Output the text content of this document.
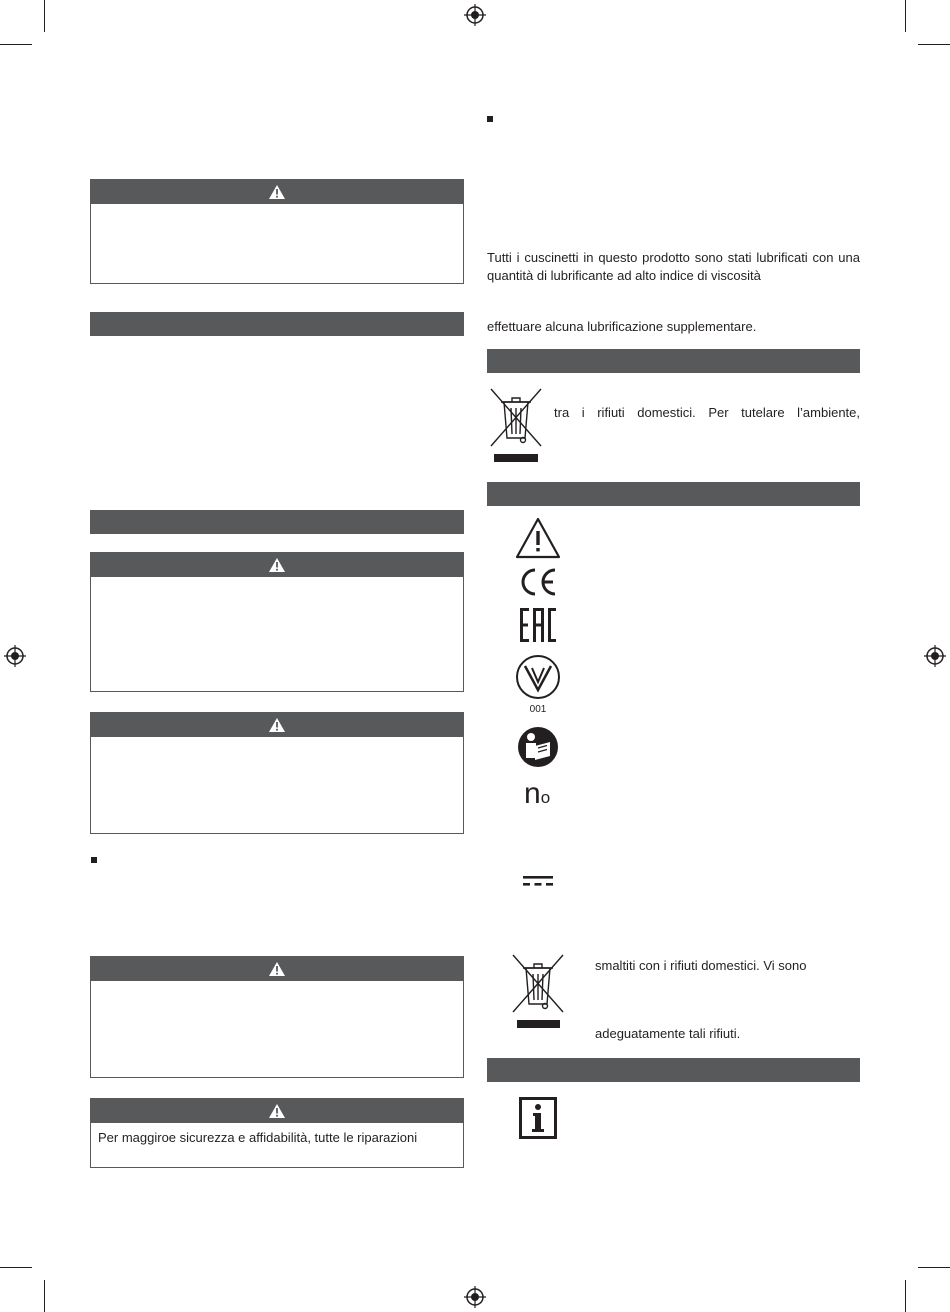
Per maggiroe sicurezza e affidabilità, tutte le riparazioni
Tutti i cuscinetti in questo prodotto sono stati lubrificati con una quantità di lubrificante ad alto indice di viscosità
effettuare alcuna lubrificazione supplementare.
tra i rifiuti domestici. Per tutelare l’ambiente,
001
no
smaltiti con i rifiuti domestici. Vi sono
adeguatamente tali rifiuti.
